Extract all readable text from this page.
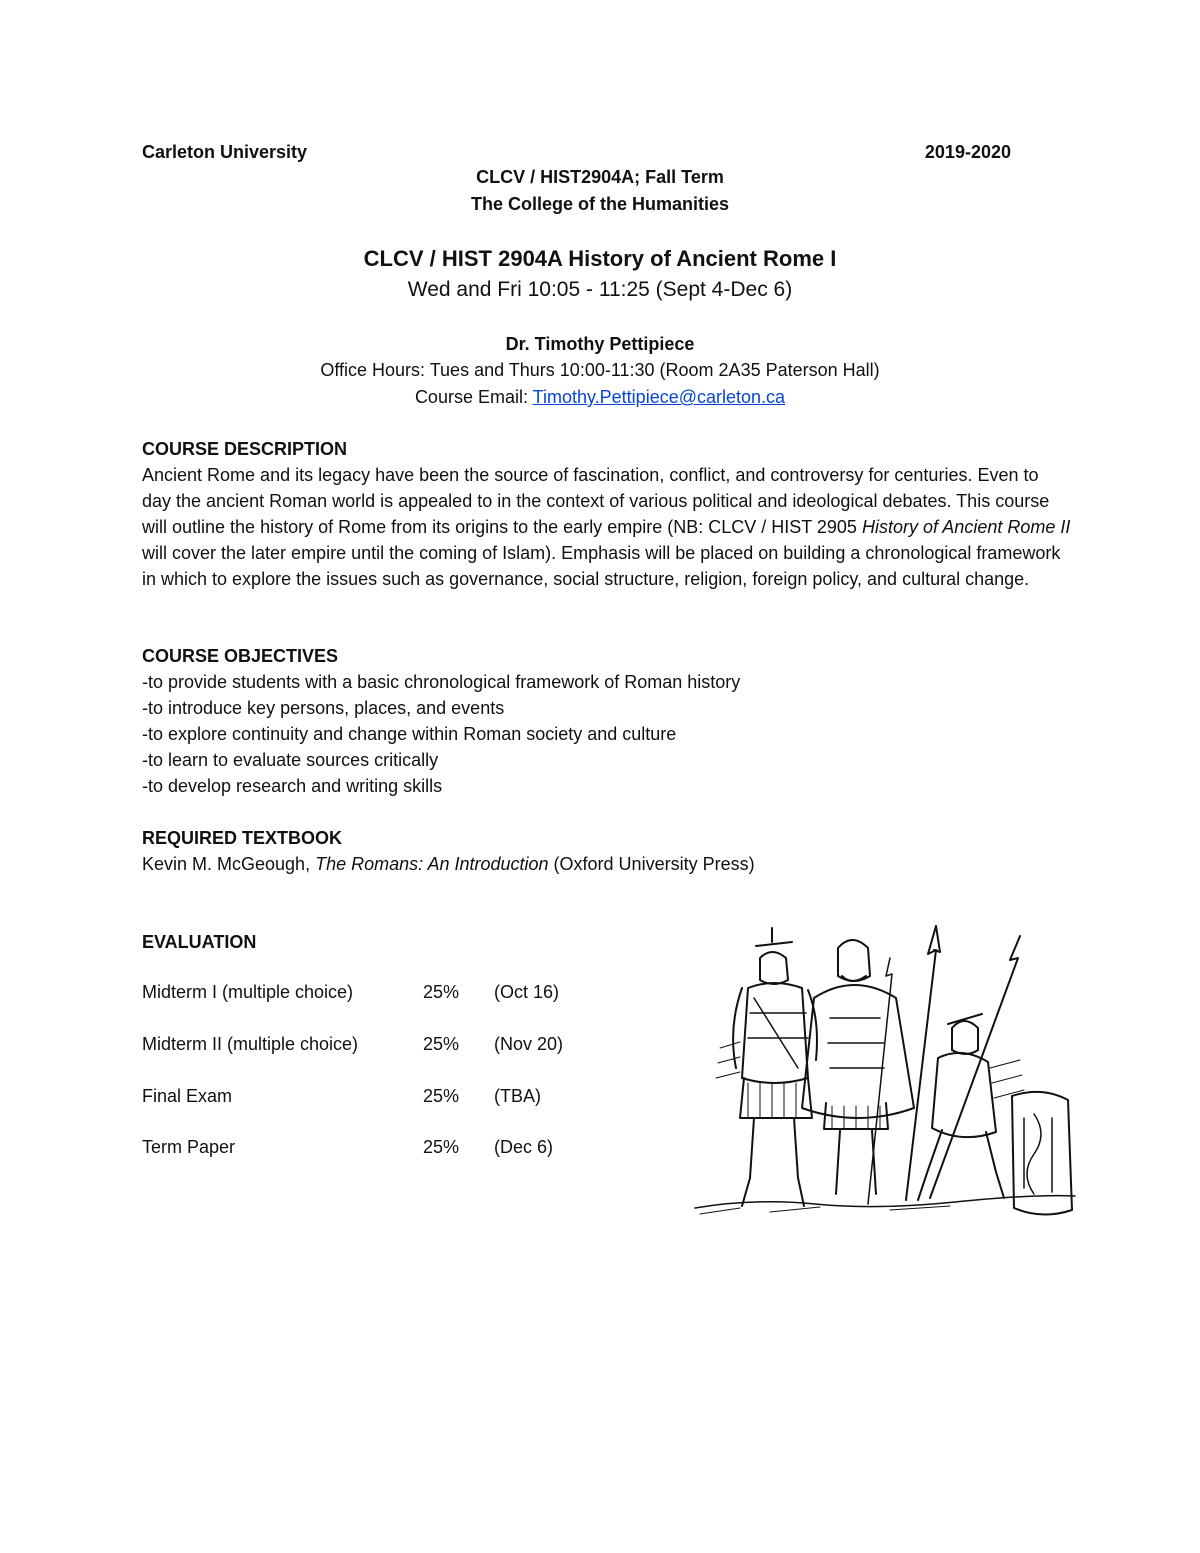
Carleton University	2019-2020
CLCV / HIST2904A; Fall Term
The College of the Humanities
CLCV / HIST 2904A History of Ancient Rome I
Wed and Fri 10:05 - 11:25 (Sept 4-Dec 6)
Dr. Timothy Pettipiece
Office Hours: Tues and Thurs 10:00-11:30 (Room 2A35 Paterson Hall)
Course Email: Timothy.Pettipiece@carleton.ca
COURSE DESCRIPTION
Ancient Rome and its legacy have been the source of fascination, conflict, and controversy for centuries. Even to day the ancient Roman world is appealed to in the context of various political and ideological debates. This course will outline the history of Rome from its origins to the early empire (NB: CLCV / HIST 2905 History of Ancient Rome II will cover the later empire until the coming of Islam). Emphasis will be placed on building a chronological framework in which to explore the issues such as governance, social structure, religion, foreign policy, and cultural change.
COURSE OBJECTIVES
-to provide students with a basic chronological framework of Roman history
-to introduce key persons, places, and events
-to explore continuity and change within Roman society and culture
-to learn to evaluate sources critically
-to develop research and writing skills
REQUIRED TEXTBOOK
Kevin M. McGeough, The Romans: An Introduction (Oxford University Press)
EVALUATION
Midterm I (multiple choice)	25% (Oct 16)
Midterm II (multiple choice)	25% (Nov 20)
Final Exam	25% (TBA)
Term Paper	25% (Dec 6)
